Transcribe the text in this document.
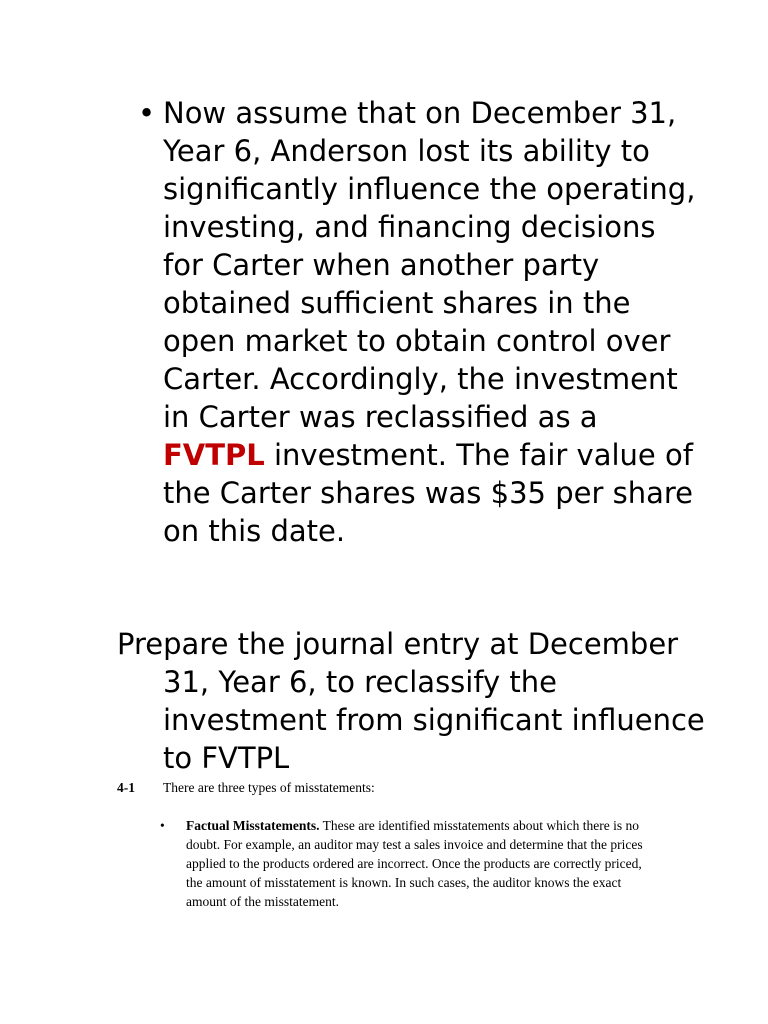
• Now assume that on December 31, Year 6, Anderson lost its ability to significantly influence the operating, investing, and financing decisions for Carter when another party obtained sufficient shares in the open market to obtain control over Carter. Accordingly, the investment in Carter was reclassified as a FVTPL investment. The fair value of the Carter shares was $35 per share on this date.

Prepare the journal entry at December 31, Year 6, to reclassify the investment from significant influence to FVTPL

4-1 There are three types of misstatements:
• Factual Misstatements. These are identified misstatements about which there is no doubt. For example, an auditor may test a sales invoice and determine that the prices applied to the products ordered are incorrect. Once the products are correctly priced, the amount of misstatement is known. In such cases, the auditor knows the exact amount of the misstatement.
